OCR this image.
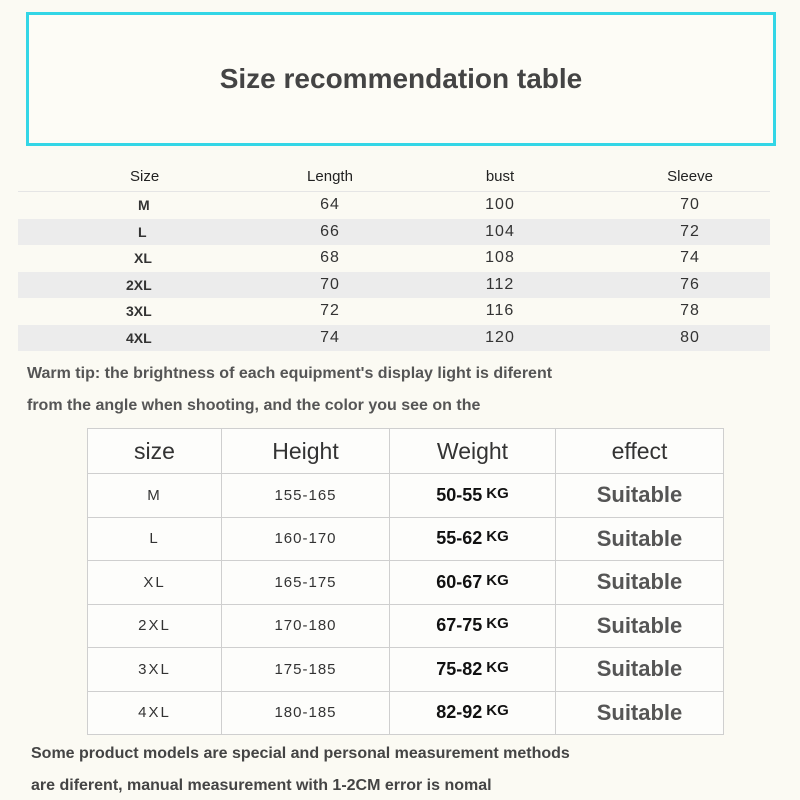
Size recommendation table
Size	Length	bust	Sleeve
M	64	100	70
L	66	104	72
XL	68	108	74
2XL	70	112	76
3XL	72	116	78
4XL	74	120	80
Warm tip: the brightness of each equipment's display light is diferent
from the angle when shooting, and the color you see on the
size	Height	Weight	effect
M	155-165	50-55 KG	Suitable
L	160-170	55-62 KG	Suitable
XL	165-175	60-67 KG	Suitable
2XL	170-180	67-75 KG	Suitable
3XL	175-185	75-82 KG	Suitable
4XL	180-185	82-92 KG	Suitable
Some product models are special and personal measurement methods
are diferent, manual measurement with 1-2CM error is nomal
